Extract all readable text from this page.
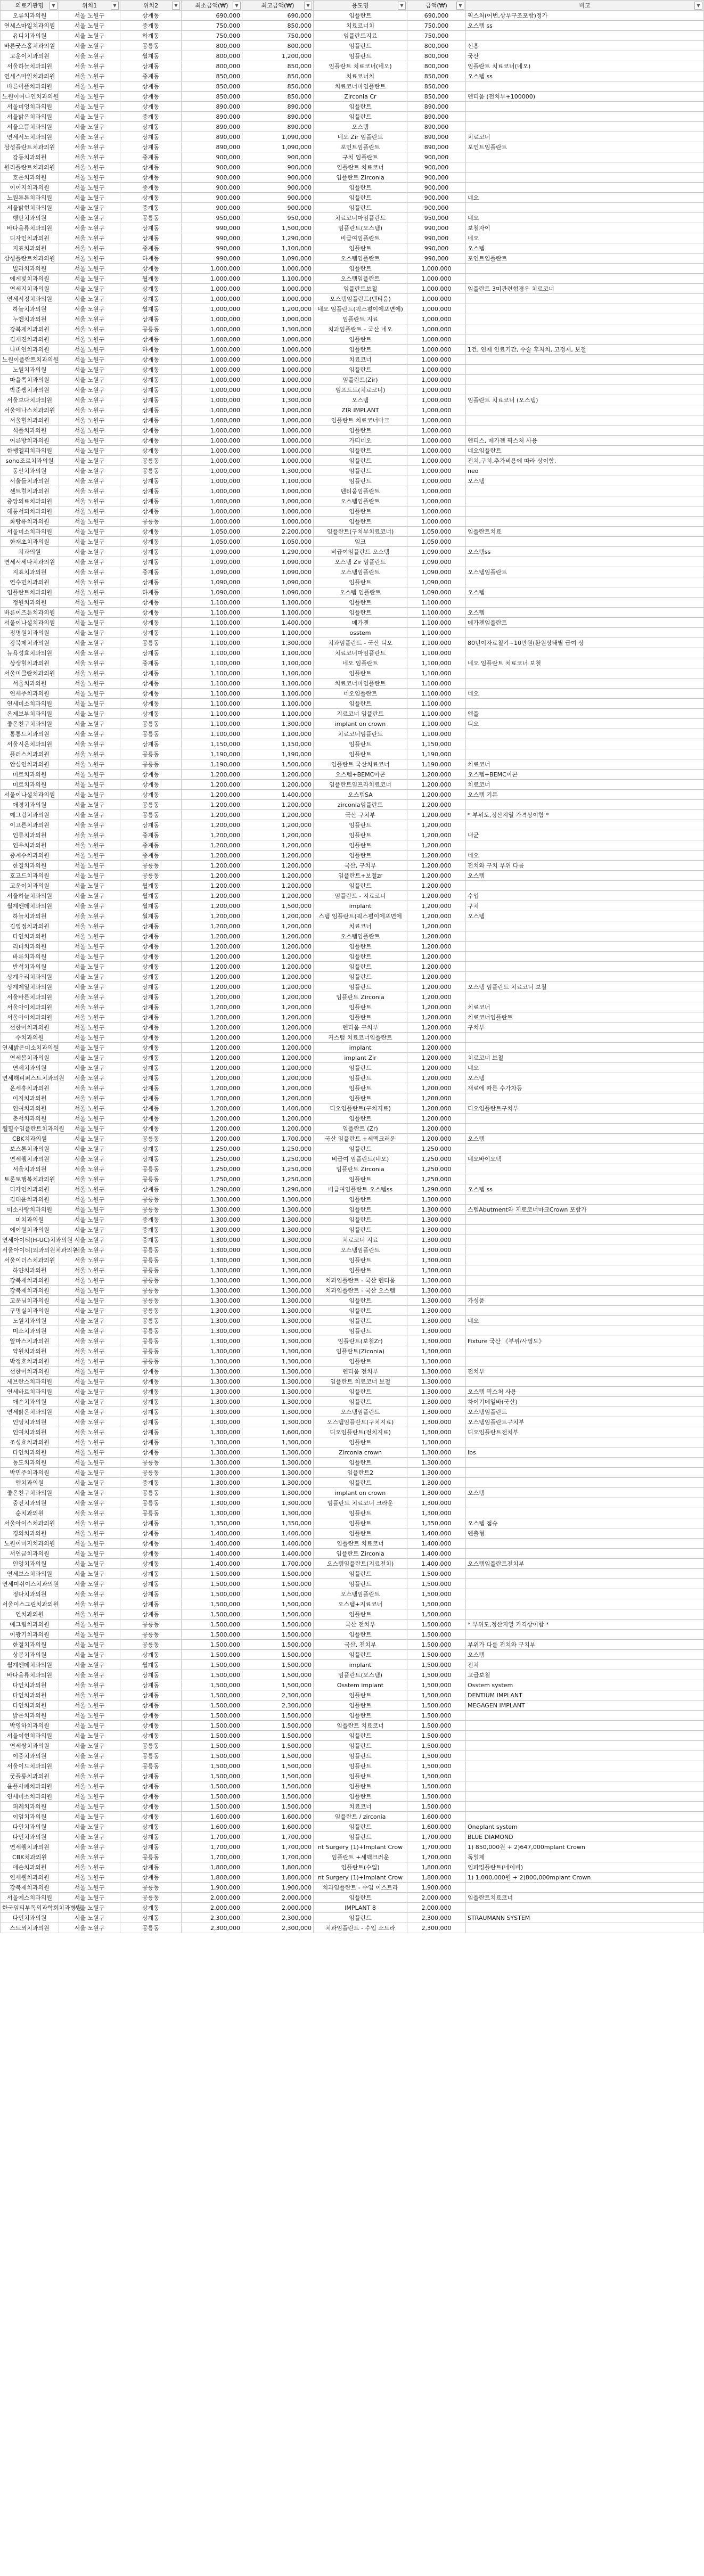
의료기관명 ▼	위치1 ▼	위치2 ▼	최소금액(₩) ▼	최고금액(₩) ▼	용도명 ▼	금액(₩) ▼	비고 ▼

오류치과의원	서울 노원구	상계동	690,000	690,000	임플란트	690,000	픽스처(어번,상부구조포함)정가
연세스마일치과의원	서울 노원구	중계동	750,000	850,000	치료코너치	750,000	오스템 ss
유디치과의원	서울 노원구	하계동	750,000	750,000	임플란트지료	750,000	
바른굿스홀치과의원	서울 노원구	공릉동	800,000	800,000	임플란트	800,000	신흥
고운이치과의원	서울 노원구	월계동	800,000	1,200,000	임플란트	800,000	국산
서울하늘치과의원	서울 노원구	상계동	800,000	850,000	임플란트 치료코너(네오)	800,000	임플란트 치료코너(네오)
연세스마일치과의원	서울 노원구	중계동	850,000	850,000	치료코너치	850,000	오스템 ss
바른이플치과의원	서울 노원구	상계동	850,000	850,000	치료코너마임플란트	850,000	
노원이어나인치과의원	서울 노원구	상계동	850,000	850,000	Zirconia Cr	850,000	덴티움 (전치부+100000)
서울미엉치과의원	서울 노원구	상계동	890,000	890,000	임플란트	890,000	
서울밝은치과의원	서울 노원구	중계동	890,000	890,000	임플란트	890,000	
서울으뜸치과의원	서울 노원구	상계동	890,000	890,000	오스템	890,000	
연세서노치과의원	서울 노원구	상계동	890,000	1,090,000	네오 Zir 임플란트	890,000	치료코너
삼성플란트치과의원	서울 노원구	상계동	890,000	1,090,000	포인트임플란트	890,000	포인트임플란트
강동치과의원	서울 노원구	중계동	900,000	900,000	구치 임플란트	900,000	
원리플란트치과의원	서울 노원구	상계동	900,000	900,000	임플란트 치료코너	900,000	
호은치과의원	서울 노원구	상계동	900,000	900,000	임플란트 Zirconia	900,000	
이이지치과의원	서울 노원구	중계동	900,000	900,000	임플란트	900,000	
노원튼튼치과의원	서울 노원구	상계동	900,000	900,000	임플란트	900,000	네오
서울밝힌치과의원	서울 노원구	중계동	900,000	900,000	임플란트	900,000	
행탄치과의원	서울 노원구	공릉동	950,000	950,000	치료코너마임플란트	950,000	네오
바다을류치과의원	서울 노원구	상계동	990,000	1,500,000	임플란트(오스템)	990,000	보철자이
디자인치과의원	서울 노원구	상계동	990,000	1,290,000	비급여임플란트	990,000	네오
지표치과의원	서울 노원구	중계동	990,000	1,100,000	임플란트	990,000	오스템
삼성플란트치과의원	서울 노원구	하계동	990,000	1,090,000	오스템임플란트	990,000	포인트임플란트
빌라치과의원	서울 노원구	상계동	1,000,000	1,000,000	임플란트	1,000,000	
에게빛치과의원	서울 노원구	월계동	1,000,000	1,100,000	오스템임플란트	1,000,000	
연세지치과의원	서울 노원구	상계동	1,000,000	1,000,000	임플란트보철	1,000,000	임플란트 3미관련험경우 치료코너
연세서정치과의원	서울 노원구	상계동	1,000,000	1,000,000	오스템임플란트(덴티움)	1,000,000	
하늘치과의원	서울 노원구	월계동	1,000,000	1,200,000	네오 임플란트(픽스펄이에포면에)	1,000,000	
누엔치과의원	서울 노원구	상계동	1,000,000	1,000,000	임플란트 지료	1,000,000	
강북제치과의원	서울 노원구	공릉동	1,000,000	1,300,000	치과임플란트 - 국산 네오	1,000,000	
김재진치과의원	서울 노원구	상계동	1,000,000	1,000,000	임플란트	1,000,000	
나비연치과의원	서울 노원구	하계동	1,000,000	1,000,000	임플란트	1,000,000	1건, 연제 인료기간, 수술 후처치, 고정제, 보철
노원이플란트치과의원	서울 노원구	상계동	1,000,000	1,000,000	치료코너	1,000,000	
노원치과의원	서울 노원구	상계동	1,000,000	1,000,000	임플란트	1,000,000	
마을쪽치과의원	서울 노원구	상계동	1,000,000	1,000,000	임플란트(Zir)	1,000,000	
박준쌤치과의원	서울 노원구	상계동	1,000,000	1,000,000	임프트트(치료코너)	1,000,000	
서울보다치과의원	서울 노원구	상계동	1,000,000	1,300,000	오스템	1,000,000	임플란트 치료코너 (오스템)
서울에나스치과의원	서울 노원구	상계동	1,000,000	1,000,000	ZIR IMPLANT	1,000,000	
서울힐치과의원	서울 노원구	상계동	1,000,000	1,000,000	임플란트 치료코너마크	1,000,000	
석플치과의원	서울 노원구	상계동	1,000,000	1,000,000	임플란트	1,000,000	
어른방치과의원	서울 노원구	상계동	1,000,000	1,000,000	가티네오	1,000,000	덴티스, 메가젠 픽스처 사용
한쌩엘피치과의원	서울 노원구	상계동	1,000,000	1,000,000	임플란트	1,000,000	네오임플란트
soho조르치과의원	서울 노원구	공릉동	1,000,000	1,000,000	임플란트	1,000,000	전치,구치,추가비용에 따라 상이함,
동산치과의원	서울 노원구	공릉동	1,000,000	1,300,000	임플란트	1,000,000	neo
서울들치과의원	서울 노원구	상계동	1,000,000	1,100,000	임플란트	1,000,000	오스템
센트럴치과의원	서울 노원구	상계동	1,000,000	1,000,000	덴티움임플란트	1,000,000	
중앙의료치과의원	서울 노원구	상계동	1,000,000	1,000,000	오스템임플란트	1,000,000	
해통서되치과의원	서울 노원구	상계동	1,000,000	1,000,000	임플란트	1,000,000	
화랑유치과의원	서울 노원구	공릉동	1,000,000	1,000,000	임플란트	1,000,000	
서울미소치과의원	서울 노원구	상계동	1,050,000	2,200,000	임플란트(구치부치료코너)	1,050,000	임플란트치료
한재초치과의원	서울 노원구	상계동	1,050,000	1,050,000	임크	1,050,000	
치과의원	서울 노원구	상계동	1,090,000	1,290,000	비급여임플란트 오스템	1,090,000	오스템ss
연세서세나치과의원	서울 노원구	상계동	1,090,000	1,090,000	오스템 Zir 임플란트	1,090,000	
지표치과의원	서울 노원구	중계동	1,090,000	1,090,000	오스템임플란트	1,090,000	오스템임플란트
연수민치과의원	서울 노원구	상계동	1,090,000	1,090,000	임플란트	1,090,000	
임플란트치과의원	서울 노원구	하계동	1,090,000	1,090,000	오스템 임플란트	1,090,000	오스템
정원치과의원	서울 노원구	상계동	1,100,000	1,100,000	임플란트	1,100,000	
바른이즈튼치과의원	서울 노원구	상계동	1,100,000	1,100,000	임플란트	1,100,000	오스템
서울이나셜치과의원	서울 노원구	상계동	1,100,000	1,400,000	메가젠	1,100,000	메가젠임플란트
정명원치과의원	서울 노원구	상계동	1,100,000	1,100,000	osstem	1,100,000	
강북제치과의원	서울 노원구	공릉동	1,100,000	1,300,000	치과임플란트 - 국산 디오	1,100,000	80년이자료철기~10만원(환원상태별 급여 상
뉴욕성효치과의원	서울 노원구	상계동	1,100,000	1,100,000	치료코너마임플란트	1,100,000	
상생힐치과의원	서울 노원구	중계동	1,100,000	1,100,000	네오 임플란트	1,100,000	네오 임플란트 치료코너 보철
서울미클란치과의원	서울 노원구	상계동	1,100,000	1,100,000	임플란트	1,100,000	
서울치과의원	서울 노원구	상계동	1,100,000	1,100,000	치료코너마임플란트	1,100,000	
연세주치과의원	서울 노원구	상계동	1,100,000	1,100,000	네오임플란트	1,100,000	네오
연세미소치과의원	서울 노원구	상계동	1,100,000	1,100,000	임플란트	1,100,000	
온제보부치과의원	서울 노원구	상계동	1,100,000	1,100,000	지료코너 임플란트	1,100,000	엠플
좋은친구치과의원	서울 노원구	공릉동	1,100,000	1,300,000	implant on crown	1,100,000	디오
통통드치과의원	서울 노원구	공릉동	1,100,000	1,100,000	치료코너임플란트	1,100,000	
서울시온치과의원	서울 노원구	상계동	1,150,000	1,150,000	임플란트	1,150,000	
플러스치과의원	서울 노원구	공릉동	1,190,000	1,190,000	임플란트	1,190,000	
안심인치과의원	서울 노원구	공릉동	1,190,000	1,500,000	임플란트 국산치료코너	1,190,000	치료코너
미르치과의원	서울 노원구	상계동	1,200,000	1,200,000	오스템+BEMC이콘	1,200,000	오스템+BEMC이콘
미르치과의원	서울 노원구	상계동	1,200,000	1,200,000	임플란트임프라치료코너	1,200,000	치료코너
서울이나셜치과의원	서울 노원구	상계동	1,200,000	1,400,000	오스템SA	1,200,000	오스템 기본
애경치과의원	서울 노원구	공릉동	1,200,000	1,200,000	zirconia임플란트	1,200,000	
예그림치과의원	서울 노원구	공릉동	1,200,000	1,200,000	국산 구치부	1,200,000	* 부위도,정산지열 가격상이함 *
이고른치과의원	서울 노원구	상계동	1,200,000	1,200,000	임플란트	1,200,000	
인류치과의원	서울 노원구	중계동	1,200,000	1,200,000	임플란트	1,200,000	내균
인우치과의원	서울 노원구	중계동	1,200,000	1,200,000	임플란트	1,200,000	
중계수치과의원	서울 노원구	중계동	1,200,000	1,200,000	임플란트	1,200,000	네오
한결치과의원	서울 노원구	공릉동	1,200,000	1,200,000	국산, 구치부	1,200,000	전치와 구치 부위 다름
호고드치과의원	서울 노원구	공릉동	1,200,000	1,200,000	임플란트+보철zr	1,200,000	오스템
고운이치과의원	서울 노원구	월계동	1,200,000	1,200,000	임플란트	1,200,000	
서울하늘치과의원	서울 노원구	월계동	1,200,000	1,200,000	임플란트 - 지료코너	1,200,000	수입
월계쌘데치과의원	서울 노원구	월계동	1,200,000	1,500,000	implant	1,200,000	구치
하늘치과의원	서울 노원구	월계동	1,200,000	1,200,000	스템 임플란트(픽스펄이에포면에	1,200,000	오스템
김영정치과의원	서울 노원구	상계동	1,200,000	1,200,000	치료코너	1,200,000	
다인치과의원	서울 노원구	상계동	1,200,000	1,200,000	오스템임플란트	1,200,000	
리더치과의원	서울 노원구	상계동	1,200,000	1,200,000	임플란트	1,200,000	
바른치과의원	서울 노원구	상계동	1,200,000	1,200,000	임플란트	1,200,000	
반석치과의원	서울 노원구	상계동	1,200,000	1,200,000	임플란트	1,200,000	
상계우리치과의원	서울 노원구	상계동	1,200,000	1,200,000	임플란트	1,200,000	
상계제일치과의원	서울 노원구	상계동	1,200,000	1,200,000	임플란트	1,200,000	오스템 임플란트 치료코너 보철
서울바른치과의원	서울 노원구	상계동	1,200,000	1,200,000	임플란트 Zirconia	1,200,000	
서울아이치과의원	서울 노원구	상계동	1,200,000	1,200,000	임플란트	1,200,000	치료코너
서울아이치과의원	서울 노원구	상계동	1,200,000	1,200,000	임플란트	1,200,000	치료코너임플란트
선한이치과의원	서울 노원구	상계동	1,200,000	1,200,000	덴티움 구치부	1,200,000	구치부
수치과의원	서울 노원구	상계동	1,200,000	1,200,000	커스텀 치료코너임플란트	1,200,000	
연세밝은미소치과의원	서울 노원구	상계동	1,200,000	1,200,000	implant	1,200,000	
연세봄치과의원	서울 노원구	상계동	1,200,000	1,200,000	implant Zir	1,200,000	치료코너 보철
연세치과의원	서울 노원구	상계동	1,200,000	1,200,000	임플란트	1,200,000	네오
연세해피퍼스트치과의원	서울 노원구	상계동	1,200,000	1,200,000	임플란트	1,200,000	오스템
온세휴치과의원	서울 노원구	상계동	1,200,000	1,200,000	임플란트	1,200,000	재료에 따른 수가차등
이지치과의원	서울 노원구	상계동	1,200,000	1,200,000	임플란트	1,200,000	
인여치과의원	서울 노원구	상계동	1,200,000	1,400,000	디오임플란트(구치지료)	1,200,000	디오임플란트구치부
춘서치과의원	서울 노원구	상계동	1,200,000	1,200,000	임플란트	1,200,000	
웰힐수임플란트치과의원	서울 노원구	상계동	1,200,000	1,200,000	임플란트 (Zr)	1,200,000	
CBK치과의원	서울 노원구	공릉동	1,200,000	1,700,000	국산 임플란트 +세맥크러운	1,200,000	오스템
보스톤치과의원	서울 노원구	상계동	1,250,000	1,250,000	임플란트	1,250,000	
연세웰치과의원	서울 노원구	상계동	1,250,000	1,250,000	비급여 임플란트(네오)	1,250,000	네오바이오텍
서울치과의원	서울 노원구	공릉동	1,250,000	1,250,000	임플란트 Zirconia	1,250,000	
토론토행복치과의원	서울 노원구	공릉동	1,250,000	1,250,000	임플란트	1,250,000	
디자인치과의원	서울 노원구	상계동	1,290,000	1,290,000	비급여임플란트 오스템ss	1,290,000	오스템 ss
김태윤치과의원	서울 노원구	공릉동	1,300,000	1,300,000	임플란트	1,300,000	
미소사랑치과의원	서울 노원구	공릉동	1,300,000	1,300,000	임플란트	1,300,000	스템Abutment와 지료코너마크Crown 포함가
미치과의원	서울 노원구	중계동	1,300,000	1,300,000	임플란트	1,300,000	
에이원치과의원	서울 노원구	중계동	1,300,000	1,300,000	임플란트	1,300,000	
연세아이티(H-UC)치과의원	서울 노원구	중계동	1,300,000	1,300,000	치료코너 지료	1,300,000	
서울아이티(외과의원치과의원	서울 노원구	공릉동	1,300,000	1,300,000	오스템임플란트	1,300,000	
서울이더스치과의원	서울 노원구	공릉동	1,300,000	1,300,000	임플란트	1,300,000	
하얀치과의원	서울 노원구	공릉동	1,300,000	1,300,000	임플란트	1,300,000	
강북제치과의원	서울 노원구	공릉동	1,300,000	1,300,000	치과임플란트 - 국산 덴티움	1,300,000	
강북제치과의원	서울 노원구	공릉동	1,300,000	1,300,000	치과임플란트 - 국산 오스템	1,300,000	
고운님치과의원	서울 노원구	공릉동	1,300,000	1,300,000	임플란트	1,300,000	가성품
구명실치과의원	서울 노원구	공릉동	1,300,000	1,300,000	임플란트	1,300,000	
노원치과의원	서울 노원구	공릉동	1,300,000	1,300,000	임플란트	1,300,000	네오
미소치과의원	서울 노원구	공릉동	1,300,000	1,300,000	임플란트	1,300,000	
알마스치과의원	서울 노원구	공릉동	1,300,000	1,300,000	임플란트(보철Zr)	1,300,000	Fixture 국산 《부위/사영도》
약원치과의원	서울 노원구	공릉동	1,300,000	1,300,000	임플란트(Ziconia)	1,300,000	
박정호치과의원	서울 노원구	공릉동	1,300,000	1,300,000	임플란트	1,300,000	
선한이치과의원	서울 노원구	상계동	1,300,000	1,300,000	덴티움 전치부	1,300,000	전치부
세브란스치과의원	서울 노원구	상계동	1,300,000	1,300,000	임플란트 치료코너 보철	1,300,000	
연세바르치과의원	서울 노원구	상계동	1,300,000	1,300,000	임플란트	1,300,000	오스템 픽스처 사용
애손치과의원	서울 노원구	상계동	1,300,000	1,300,000	임플란트	1,300,000	차이기메일바(국산)
연세밝은치과의원	서울 노원구	상계동	1,300,000	1,300,000	오스템임플란트	1,300,000	오스템임플란트
인엉치과의원	서울 노원구	상계동	1,300,000	1,300,000	오스템임플란트(구치지료)	1,300,000	오스템임플란트구치부
인여치과의원	서울 노원구	상계동	1,300,000	1,600,000	디오임플란트(전치지료)	1,300,000	디오임플란트전치부
조성효치과의원	서울 노원구	상계동	1,300,000	1,300,000	임플란트	1,300,000	
다인치과의원	서울 노원구	상계동	1,300,000	1,300,000	Zirconia crown	1,300,000	ibs
동도치과의원	서울 노원구	공릉동	1,300,000	1,300,000	임플란트	1,300,000	
박민주치과의원	서울 노원구	공릉동	1,300,000	1,300,000	임플란트2	1,300,000	
엠치과의원	서울 노원구	중계동	1,300,000	1,300,000	임플란트	1,300,000	
좋은친구치과의원	서울 노원구	공릉동	1,300,000	1,300,000	implant on crown	1,300,000	오스템
중진치과의원	서울 노원구	공릉동	1,300,000	1,300,000	임플란트 치료코너 크라운	1,300,000	
순치과의원	서울 노원구	공릉동	1,300,000	1,300,000	임플란트	1,300,000	
서울아이스치과의원	서울 노원구	상계동	1,350,000	1,350,000	임플란트	1,350,000	오스템 점슈
경의치과의원	서울 노원구	상계동	1,400,000	1,400,000	임플란트	1,400,000	덴출형
노원이미지치과의원	서울 노원구	상계동	1,400,000	1,400,000	임플란트 치료코너	1,400,000	
서연금치과의원	서울 노원구	상계동	1,400,000	1,400,000	임플란트 Zirconia	1,400,000	
인엉치과의원	서울 노원구	상계동	1,400,000	1,700,000	오스템임플란트(지료전치)	1,400,000	오스템임플란트전치부
연세보스치과의원	서울 노원구	상계동	1,500,000	1,500,000	임플란트	1,500,000	
연세미쉬이스치과의원	서울 노원구	상계동	1,500,000	1,500,000	임플란트	1,500,000	
정다치과의원	서울 노원구	상계동	1,500,000	1,500,000	오스템임플란트	1,500,000	
서울이스그린치과의원	서울 노원구	상계동	1,500,000	1,500,000	오스템+지료코너	1,500,000	
연치과의원	서울 노원구	상계동	1,500,000	1,500,000	임플란트	1,500,000	
예그림치과의원	서울 노원구	공릉동	1,500,000	1,500,000	국산 전치부	1,500,000	* 부위도,정산지열 가격상이함 *
이광기치과의원	서울 노원구	공릉동	1,500,000	1,500,000	임플란트	1,500,000	
한결치과의원	서울 노원구	공릉동	1,500,000	1,500,000	국산, 전치부	1,500,000	부위가 다를 전치와 구치부
상봉치과의원	서울 노원구	상계동	1,500,000	1,500,000	임플란트	1,500,000	오스템
월계쌘데치과의원	서울 노원구	월계동	1,500,000	1,500,000	implant	1,500,000	전치
바다을류치과의원	서울 노원구	상계동	1,500,000	1,500,000	임플란트(오스템)	1,500,000	고급보철
다인치과의원	서울 노원구	상계동	1,500,000	1,500,000	Osstem implant	1,500,000	Osstem system
다인치과의원	서울 노원구	상계동	1,500,000	2,300,000	임플란트	1,500,000	DENTIUM IMPLANT
다인치과의원	서울 노원구	상계동	1,500,000	2,300,000	임플란트	1,500,000	MEGAGEN IMPLANT
밝은치과의원	서울 노원구	상계동	1,500,000	1,500,000	임플란트	1,500,000	
박영하치과의원	서울 노원구	상계동	1,500,000	1,500,000	임플란트 치료코너	1,500,000	
서울이현치과의원	서울 노원구	상계동	1,500,000	1,500,000	임플란트	1,500,000	
연세쌍치과의원	서울 노원구	공릉동	1,500,000	1,500,000	임플란트	1,500,000	
이중치과의원	서울 노원구	공릉동	1,500,000	1,500,000	임플란트	1,500,000	
서울이드치과의원	서울 노원구	공릉동	1,500,000	1,500,000	임플란트	1,500,000	
굿플롱치과의원	서울 노원구	상계동	1,500,000	1,500,000	임플란트	1,500,000	
윤플사페치과의원	서울 노원구	상계동	1,500,000	1,500,000	임플란트	1,500,000	
연세미소치과의원	서울 노원구	상계동	1,500,000	1,500,000	임플란트	1,500,000	
퍼레치과의원	서울 노원구	상계동	1,500,000	1,500,000	치료코너	1,500,000	
이엄치과의원	서울 노원구	상계동	1,600,000	1,600,000	임플란트 / zirconia	1,600,000	
다인치과의원	서울 노원구	상계동	1,600,000	1,600,000	임플란트	1,600,000	Oneplant system
다인치과의원	서울 노원구	상계동	1,700,000	1,700,000	임플란트	1,700,000	BLUE DIAMOND
연세웰치과의원	서울 노원구	상계동	1,700,000	1,700,000	nt Surgery (1)+Implant Crow	1,700,000	1) 850,000원 + 2)647,000mplant Crown
CBK치과의원	서울 노원구	공릉동	1,700,000	1,700,000	임플란트 +세맥크러운	1,700,000	독일제
애손치과의원	서울 노원구	상계동	1,800,000	1,800,000	임플란트(수입)	1,800,000	임파밍플란트(네이비)
연세웰치과의원	서울 노원구	상계동	1,800,000	1,800,000	nt Surgery (1)+Implant Crow	1,800,000	1) 1,000,000원 + 2)800,000mplant Crown
강북제치과의원	서울 노원구	공릉동	1,900,000	1,900,000	치과임플란트 - 수입 이스트라	1,900,000	
서울예스치과의원	서울 노원구	공릉동	2,000,000	2,000,000	임플란트	2,000,000	임플란트치료코너
한국임티부독외과학회치과병원	서울 노원구	상계동	2,000,000	2,000,000	IMPLANT 8	2,000,000	
다인치과의원	서울 노원구	상계동	2,300,000	2,300,000	임플란트	2,300,000	STRAUMANN SYSTEM
스트뫼치과의원	서울 노원구	공릉동	2,300,000	2,300,000	치과임플란트 - 수입 소트라	2,300,000	
